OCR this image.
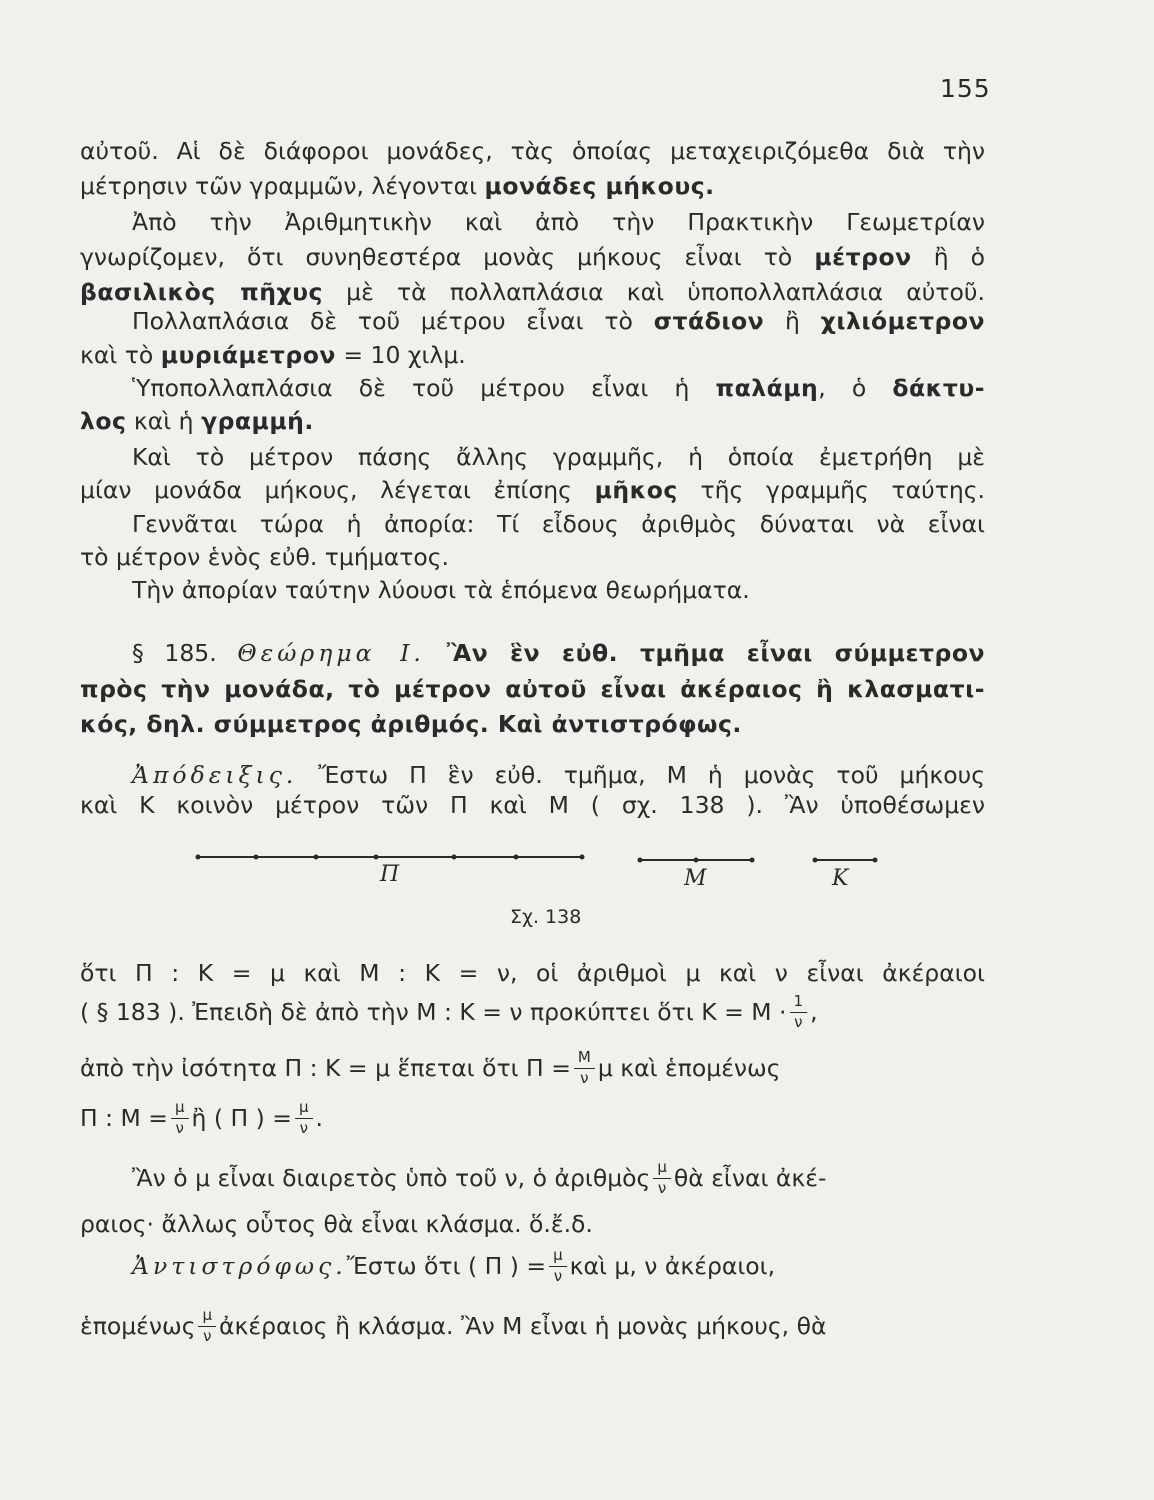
155
αὐτοῦ. Αἱ δὲ διάφοροι μονάδες, τὰς ὁποίας μεταχειριζόμεθα διὰ τὴν
μέτρησιν τῶν γραμμῶν, λέγονται μονάδες μήκους.
Ἀπὸ τὴν Ἀριθμητικὴν καὶ ἀπὸ τὴν Πρακτικὴν Γεωμετρίαν
γνωρίζομεν, ὅτι συνηθεστέρα μονὰς μήκους εἶναι τὸ μέτρον ἢ ὁ
βασιλικὸς πῆχυς μὲ τὰ πολλαπλάσια καὶ ὑποπολλαπλάσια αὐτοῦ.
Πολλαπλάσια δὲ τοῦ μέτρου εἶναι τὸ στάδιον ἢ χιλιόμετρον
καὶ τὸ μυριάμετρον = 10 χιλμ.
Ὑποπολλαπλάσια δὲ τοῦ μέτρου εἶναι ἡ παλάμη, ὁ δάκτυ-
λος καὶ ἡ γραμμή.
Καὶ τὸ μέτρον πάσης ἄλλης γραμμῆς, ἡ ὁποία ἐμετρήθη μὲ
μίαν μονάδα μήκους, λέγεται ἐπίσης μῆκος τῆς γραμμῆς ταύτης.
Γεννᾶται τώρα ἡ ἀπορία: Τί εἶδους ἀριθμὸς δύναται νὰ εἶναι
τὸ μέτρον ἑνὸς εὐθ. τμήματος.
Τὴν ἀπορίαν ταύτην λύουσι τὰ ἑπόμενα θεωρήματα.
§ 185. Θεώρημα Ι. Ἂν ἓν εὐθ. τμῆμα εἶναι σύμμετρον
πρὸς τὴν μονάδα, τὸ μέτρον αὐτοῦ εἶναι ἀκέραιος ἢ κλασματι-
κός, δηλ. σύμμετρος ἀριθμός. Καὶ ἀντιστρόφως.
Ἀπόδειξις. Ἔστω Π ἓν εὐθ. τμῆμα, Μ ἡ μονὰς τοῦ μήκους
καὶ Κ κοινὸν μέτρον τῶν Π καὶ Μ ( σχ. 138 ). Ἂν ὑποθέσωμεν
Π	Μ	Κ
Σχ. 138
ὅτι Π : Κ = μ καὶ Μ : Κ = ν, οἱ ἀριθμοὶ μ καὶ ν εἶναι ἀκέραιοι
( § 183 ). Ἐπειδὴ δὲ ἀπὸ τὴν Μ : Κ = ν προκύπτει ὅτι $K = M \cdot \frac{1}{\nu}$ ,
ἀπὸ τὴν ἰσότητα Π : Κ = μ ἕπεται ὅτι $\Pi = \frac{M}{\nu}$ μ καὶ ἑπομένως
Π : $M = \frac{\mu}{\nu}$ ἢ ( Π ) = $\frac{\mu}{\nu}$ .
Ἂν ὁ μ εἶναι διαιρετὸς ὑπὸ τοῦ ν, ὁ ἀριθμὸς $\frac{\mu}{\nu}$ θὰ εἶναι ἀκέ-
ραιος· ἄλλως οὗτος θὰ εἶναι κλάσμα. ὅ.ἔ.δ.
Ἀντιστρόφως. Ἔστω ὅτι ( Π ) = $\frac{\mu}{\nu}$ καὶ μ, ν ἀκέραιοι,
ἑπομένως $\frac{\mu}{\nu}$ ἀκέραιος ἢ κλάσμα. Ἂν Μ εἶναι ἡ μονὰς μήκους, θὰ
